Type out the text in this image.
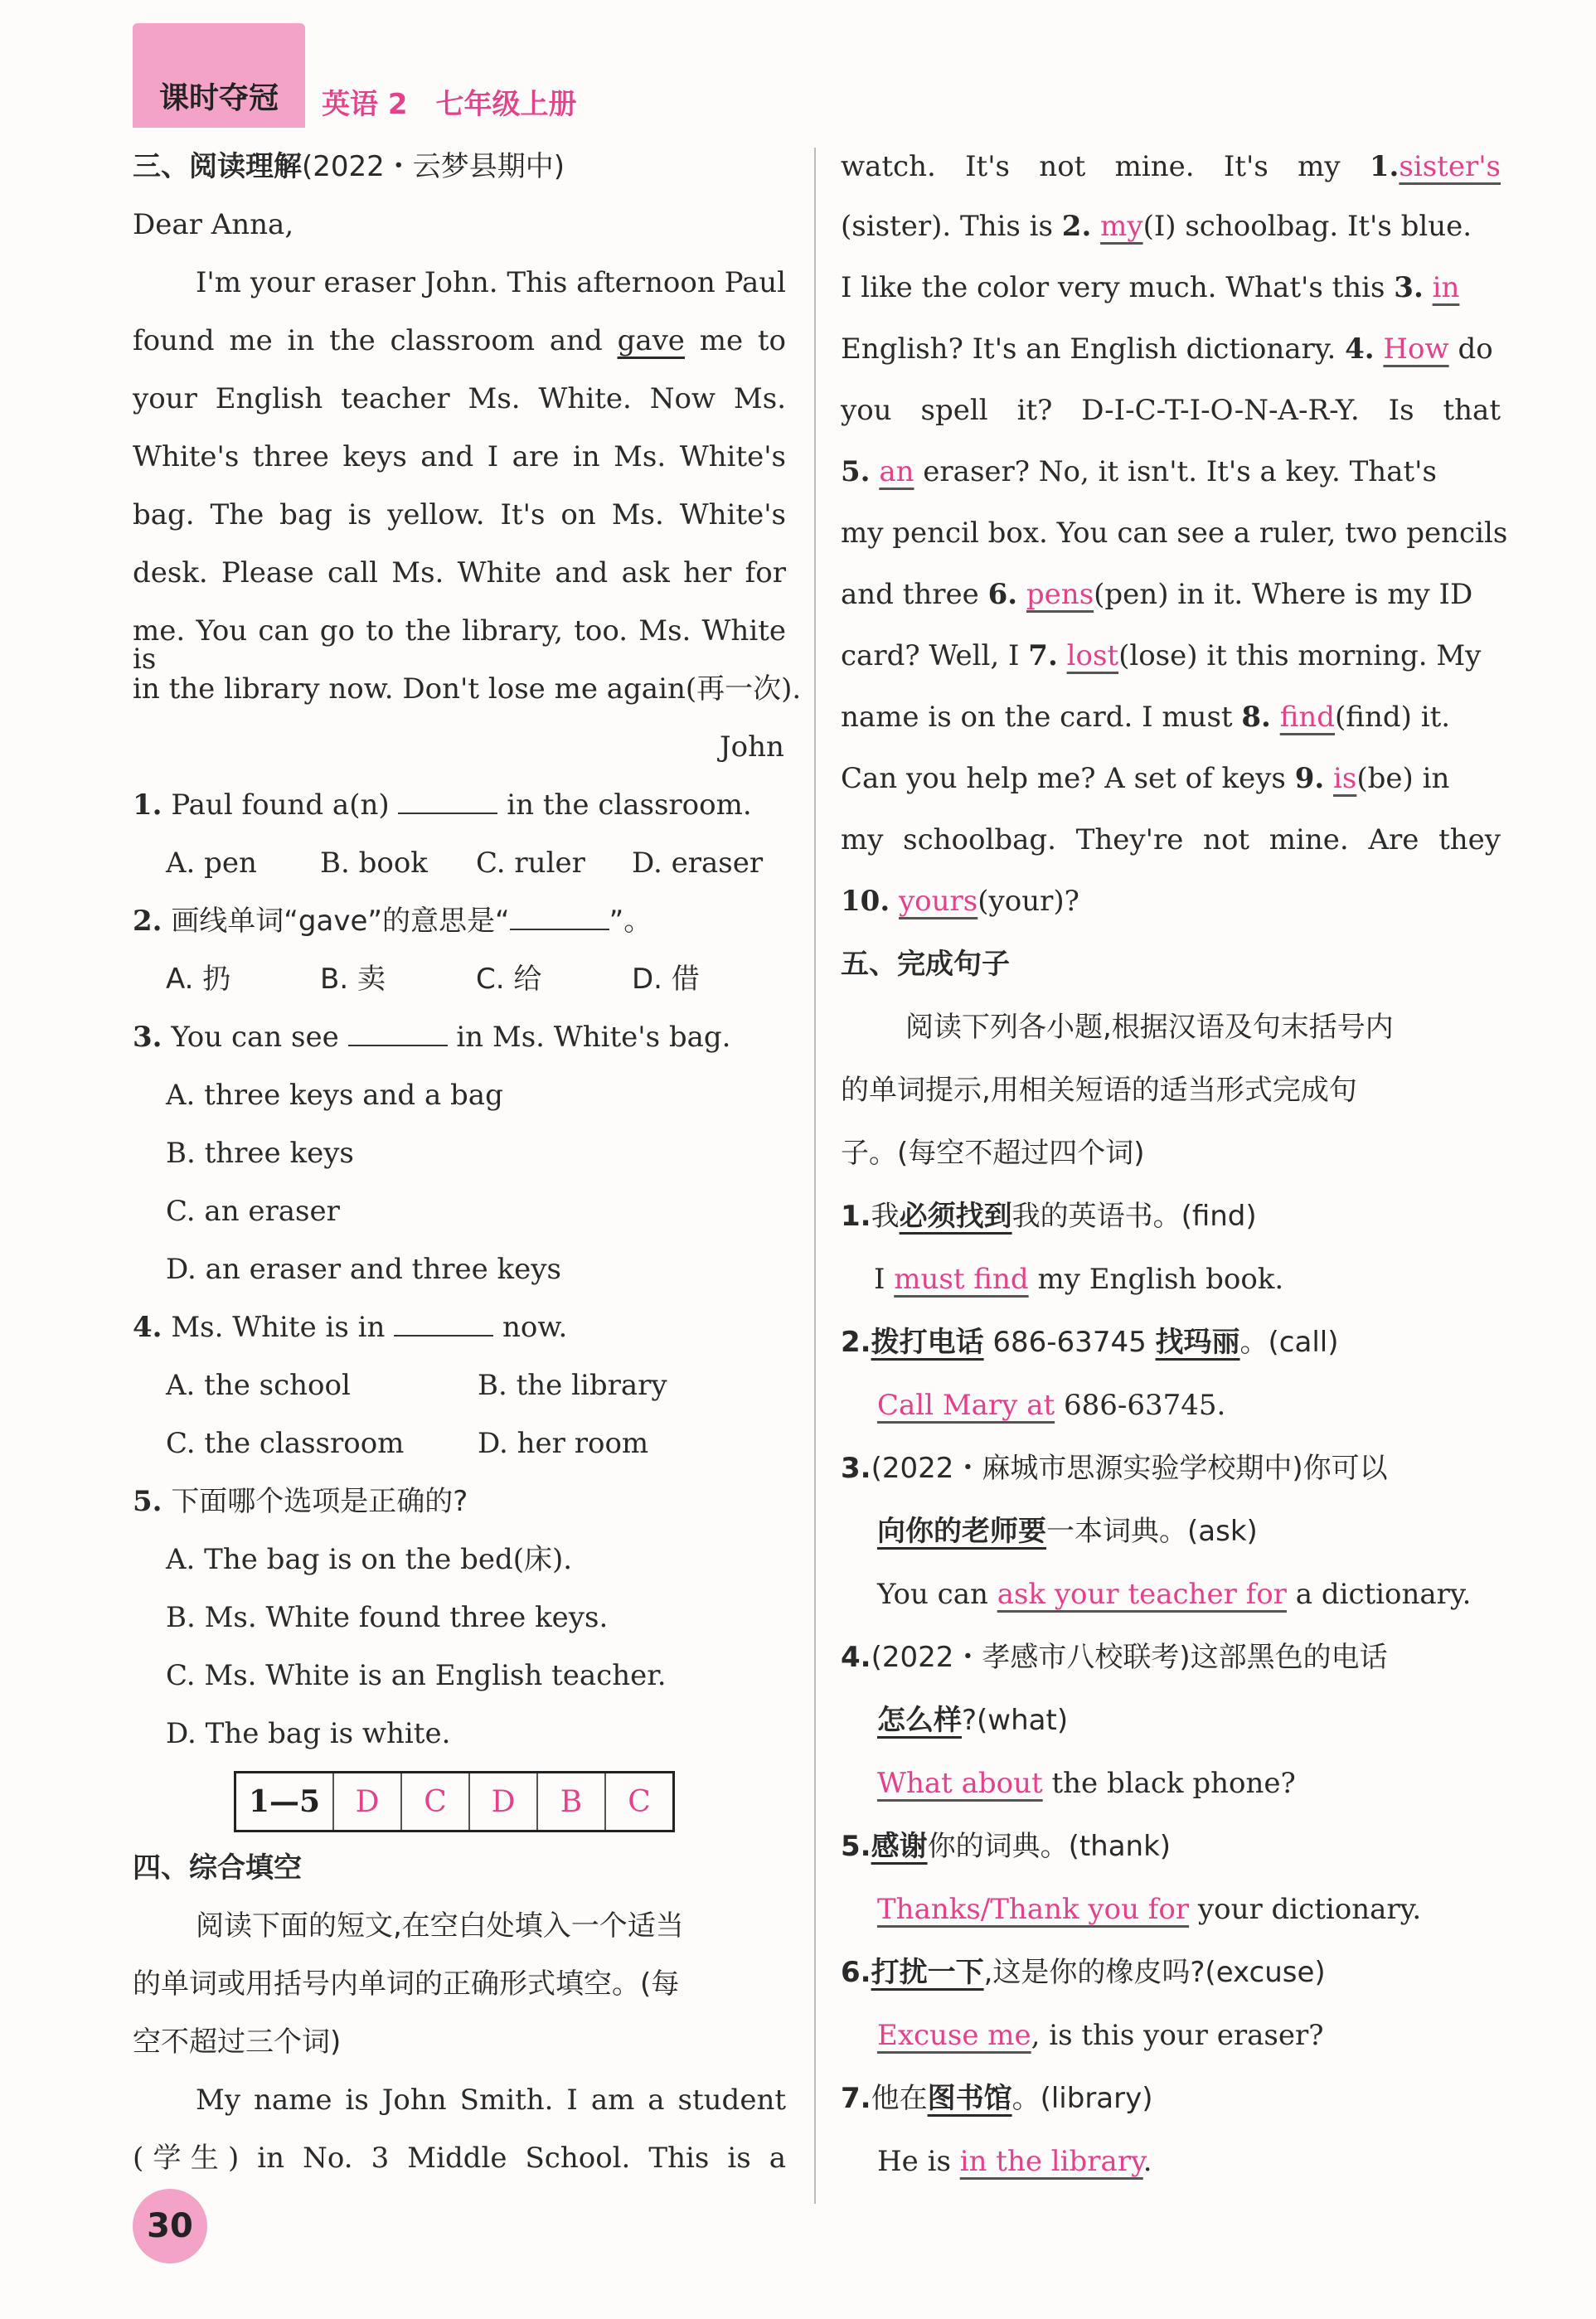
课时夺冠	英语 2　七年级上册
三、阅读理解(2022・云梦县期中)
Dear Anna,
I'm your eraser John. This afternoon Paul
found me in the classroom and gave me to
your English teacher Ms. White. Now Ms.
White's three keys and I are in Ms. White's
bag. The bag is yellow. It's on Ms. White's
desk. Please call Ms. White and ask her for
me. You can go to the library, too. Ms. White is
in the library now. Don't lose me again(再一次).
John
1. Paul found a(n)	in the classroom.
A. pen B. book C. ruler D. eraser
2. 画线单词“gave”的意思是“	”。
A. 扔	B. 卖	C. 给	D. 借
3. You can see	in Ms. White's bag.
A. three keys and a bag
B. three keys
C. an eraser
D. an eraser and three keys
4. Ms. White is in	now.
A. the school	B. the library
C. the classroom	D. her room
5. 下面哪个选项是正确的?
A. The bag is on the bed(床).
B. Ms. White found three keys.
C. Ms. White is an English teacher.
D. The bag is white.
1—5	D	C	D	B	C
四、综合填空
阅读下面的短文,在空白处填入一个适当
的单词或用括号内单词的正确形式填空。(每
空不超过三个词)
My name is John Smith. I am a student
(学生) in No. 3 Middle School. This is a
watch. It's not mine. It's my 1.sister's
(sister). This is 2. my(I) schoolbag. It's blue.
I like the color very much. What's this 3. in
English? It's an English dictionary. 4. How do
you spell it? D-I-C-T-I-O-N-A-R-Y. Is that
5. an eraser? No, it isn't. It's a key. That's
my pencil box. You can see a ruler, two pencils
and three 6. pens(pen) in it. Where is my ID
card? Well, I 7. lost(lose) it this morning. My
name is on the card. I must 8. find(find) it.
Can you help me? A set of keys 9. is(be) in
my schoolbag. They're not mine. Are they
10. yours(your)?
五、完成句子
阅读下列各小题,根据汉语及句末括号内
的单词提示,用相关短语的适当形式完成句
子。(每空不超过四个词)
1.我必须找到我的英语书。(find)
I must find my English book.
2.拨打电话 686-63745 找玛丽。(call)
Call Mary at 686-63745.
3.(2022・麻城市思源实验学校期中)你可以
向你的老师要一本词典。(ask)
You can ask your teacher for a dictionary.
4.(2022・孝感市八校联考)这部黑色的电话
怎么样?(what)
What about the black phone?
5.感谢你的词典。(thank)
Thanks/Thank you for your dictionary.
6.打扰一下,这是你的橡皮吗?(excuse)
Excuse me, is this your eraser?
7.他在图书馆。(library)
He is in the library.
30
